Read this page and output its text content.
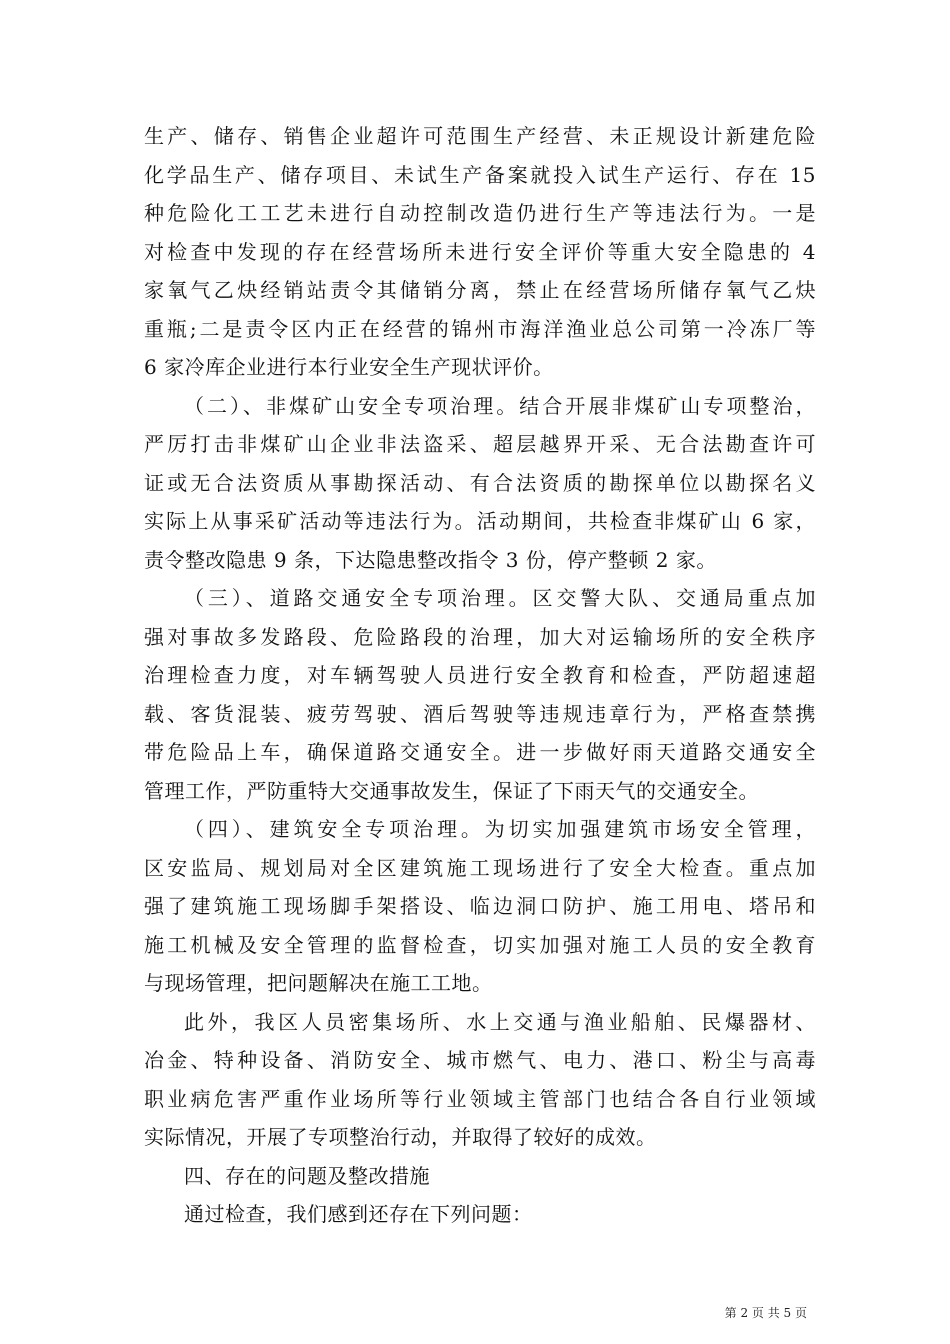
生产、储存、销售企业超许可范围生产经营、未正规设计新建危险
化学品生产、储存项目、未试生产备案就投入试生产运行、存在 15
种危险化工工艺未进行自动控制改造仍进行生产等违法行为。一是
对检查中发现的存在经营场所未进行安全评价等重大安全隐患的 4
家氧气乙炔经销站责令其储销分离，禁止在经营场所储存氧气乙炔
重瓶;二是责令区内正在经营的锦州市海洋渔业总公司第一冷冻厂等
6 家冷库企业进行本行业安全生产现状评价。

（二）、非煤矿山安全专项治理。结合开展非煤矿山专项整治，
严厉打击非煤矿山企业非法盗采、超层越界开采、无合法勘查许可
证或无合法资质从事勘探活动、有合法资质的勘探单位以勘探名义
实际上从事采矿活动等违法行为。活动期间，共检查非煤矿山 6 家，
责令整改隐患 9 条，下达隐患整改指令 3 份，停产整顿 2 家。

（三）、道路交通安全专项治理。区交警大队、交通局重点加
强对事故多发路段、危险路段的治理，加大对运输场所的安全秩序
治理检查力度，对车辆驾驶人员进行安全教育和检查，严防超速超
载、客货混装、疲劳驾驶、酒后驾驶等违规违章行为，严格查禁携
带危险品上车，确保道路交通安全。进一步做好雨天道路交通安全
管理工作，严防重特大交通事故发生，保证了下雨天气的交通安全。

（四）、建筑安全专项治理。为切实加强建筑市场安全管理，
区安监局、规划局对全区建筑施工现场进行了安全大检查。重点加
强了建筑施工现场脚手架搭设、临边洞口防护、施工用电、塔吊和
施工机械及安全管理的监督检查，切实加强对施工人员的安全教育
与现场管理，把问题解决在施工工地。

此外，我区人员密集场所、水上交通与渔业船舶、民爆器材、
冶金、特种设备、消防安全、城市燃气、电力、港口、粉尘与高毒
职业病危害严重作业场所等行业领域主管部门也结合各自行业领域
实际情况，开展了专项整治行动，并取得了较好的成效。

四、存在的问题及整改措施

通过检查，我们感到还存在下列问题：

第 2 页 共 5 页
